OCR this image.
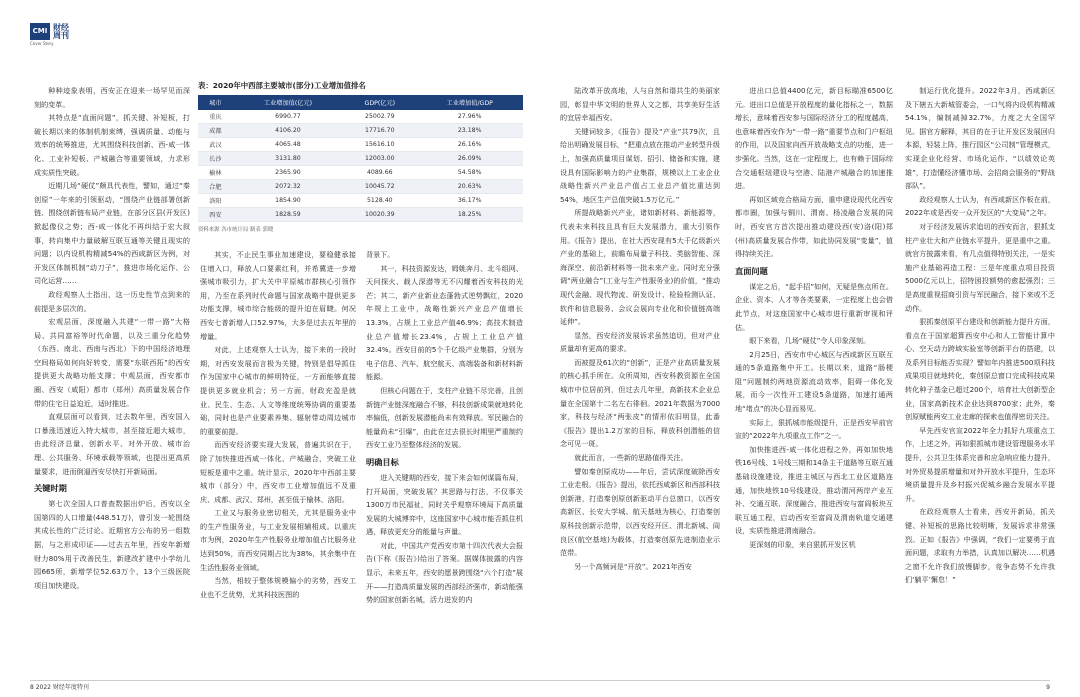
CMI 财经周刊
Cover Story

种种迹象表明，西安正在迎来一场罕见而深刻的变革。

其特点是“直面问题”，抓关键、补短板，打破长期以来的体制机制束缚，强调质量、动能与效率的统筹推进，尤其围绕科技创新、西-咸一体化、工业补短板、产城融合等重要领域，力求形成实质性突破。

近期几场“硬仗”颇具代表性，譬如，通过“秦创原”一年来的引领驱动，“围绕产业链部署创新链、围绕创新链布局产业链，在部分区县(开发区)掀起像仪之势；西-咸一体化不再纠结于宏大叙事，转向集中力量破解互联互通等关键且现实的问题；以内设机构精减54%的西咸新区为例，对开发区体制机制“动刀子”，推进市场化运作、公司化运营……

政经观察人士指出，这一历史性节点到来的前提是多层次的。

宏观层面，深度融入共建“一带一路”大格局、共同富裕等时代命题，以及三重分化趋势（东西、南北、西南与西北）下的中国经济地理空间格局如何向好转变，需要“东联西拓”的西安提供更大战略功能支撑；中观层面，西安都市圈、西安（咸阳）都市（郑州）高质量发展合作带的住宅日益迫近，适时推进。

直观层面可以看到，过去数年里，西安国入口暴涨迅速近入特大城市，甚至接近超大城市，由此经济总量、创新水平、对外开放、城市治理、公共服务、环境承载等领域，也提出更高质量要求，进而倒逼西安尽快打开新局面。

关键时期

第七次全国人口普查数据出炉后，西安以全国第四的人口增量(448.51万)，曾引发一轮围绕其成长性的广泛讨论。近期官方公布的另一组数据，与之形成印证——过去五年里，西安年新增财力80%用于改善民生，新建改扩建中小学幼儿园665所，新增学位52.63万个，13个三级医院项目加快建设。

表：2020年中西部主要城市(部分)工业增加值排名
城市	工业增加值(亿元)	GDP(亿元)	工业增加值/GDP
重庆	6990.77	25002.79	27.96%
成都	4106.20	17716.70	23.18%
武汉	4065.48	15616.10	26.16%
长沙	3131.80	12003.00	26.09%
榆林	2365.90	4089.66	54.58%
合肥	2072.32	10045.72	20.63%
洛阳	1854.90	5128.40	36.17%
西安	1828.59	10020.39	18.25%
资料来源 各市统计局 制表 郭晓

其实，不止民生事业加速建设，要稳健承接住增入口，释放人口要素红利，并希冀进一步增强城市吸引力，扩大关中平原城市群核心引领作用，乃至在系列时代命题与国家战略中提供更多功能支撑，城市综合能级的提升迫在眉睫。何况西安七普新增人口52.97%，大多是过去五年里的增量。

对此，上述观察人士认为，接下来的一段时期，对西安发展而言极为关键，特别是倡导抓住作为国家中心城市的鲜明特征，一方面能够直接提供更多就业机会；另一方面，财政充盈是就业、民生、生态、人文等维度统筹协调的重要基础，同时也是产业要素养集、辐射带动周边城市的重要前提。

而西安经济要实现大发展，普遍共识在于，除了加快推进西咸一体化、产城融合，突破工业短板是重中之重。统计显示，2020年中西部主要城市（部分）中，西安市工业增加值远不及重庆、成都、武汉、郑州，甚至低于榆林、洛阳。

工业又与服务业密切相关，尤其是服务业中的生产性服务业，与工业发展相辅相成。以重庆市为例，2020年生产性服务业增加值占比服务业达到50%，而西安同期占比为38%，其余集中在生活性服务业领域。

当然，相较于整体规模偏小的劣势，西安工业也不乏优势，尤其科技医图的

背景下。

其一，科技资源发达，姆姚奔月、北斗组网、天问探火、载人深潜等无不闪耀着西安科技的光芒；其二，新产业新业态蓬勃式逆势飘红，2020年规上工业中，战略性新兴产业总产值增长13.3%，占规上工业总产值46.9%；高技术制造业总产值增长23.4%，占规上工业总产值32.4%。西安目前的5个千亿级产业集群，分别为电子信息、汽车、航空航天、高端装备和新材料新能源。

但核心问题在于，支柱产业链不尽完善，且创新链产业链深度融合不够，科技创新成果就地转化率偏低，创新发展潜能尚未有效释放。军民融合的能量尚未“引爆”，由此在过去很长时期里严重制约西安工业乃至整体经济的发展。

明确目标

进入关键期的西安，接下来会如何谋篇布局，打开局面，突破发展？其思路与打法，不仅事关1300万市民福祉，同时关乎观察环境局下高质量发展的大城博弈中，这座国家中心城市能否抓住机遇，释放更充分的能量与声量。

对此，中国共产党西安市第十四次代表大会报告(下称《报告》)给出了答案。据媒体披露的内容显示，未来五年，西安的愿景跨围绕“六个打造”展开——打造高质量发展的西部经济强市，新动能强势的国家创新名城，活力迸发的内

陆改革开放高地，人与自然和谐共生的美丽家园，彰显中华文明的世界人文之都，共享美好生活的宜居幸福西安。

关键词较多，《报告》提及“产业”共79次，且给出明确发展目标，“把重点放在推动产业转型升级上，加强高质量项目谋划、招引、储备和实施，建设具有国际影响力的产业集群，规模以上工业企业战略性新兴产业总产值占工业总产值比重达到54%，地区生产总值突破1.5万亿元。”

所提战略新兴产业，诸如新材料、新能源等，代表未来科技且具有巨大发展潜力，重大引领作用。《报告》提出，在社大西安现有5大千亿级新兴产业的基础上，前瞻布局量子科技、类脑智能、深海深空、前沿新材料等一批未来产业。同时充分强调“两业融合”(工业与生产性服务业)的价值，“推动现代金融、现代物流、研发设计、检验检测认证、软件和信息服务、会议会展向专业化和价值链高端延伸”。

显然，西安经济发展诉求虽然追切，但对产业质量却有更高的要求。

而被提及61次的“创新”，正是产业高质量发展的核心抓手所在。众所周知，西安科教资源在全国城市中位居前列，但过去几年里，高新技术企业总量在全国第十二名左右徘徊。2021年数据为7000家，科技与经济“两张皮”的情形依旧明显，此番《报告》提出1.2万家的目标，释放科创潜能的信念可见一斑。

就此而言，一些新的思路值得关注。

譬如秦创原成功——年后，尝试深度破除西安工业走根。《报告》提出，依托西咸新区和西部科技创新港，打造秦创原创新驱动平台总窗口，以西安高新区、长安大学城、航天基地为核心，打造秦创原科技创新示范带，以西安经开区、渭北新城、阎良区(航空基地)为载体，打造秦创原先进制造业示范带。

另一个高频词是“开放”。2021年西安

进出口总值4400亿元，新目标瞄准6500亿元。进出口总值是开放程度的量化指标之一，数据增长，意味着西安参与国际经济分工的程度越高，也意味着西安作为“一带一路”重要节点和门户枢纽的作用，以及国家向西开放战略支点的功能，进一步强化。当然，这在一定程度上，也有赖于国际综合交通枢纽建设与空港、陆港产城融合的加速推进。

再如区域竞合格局方面，重申建设现代化西安都市圈，加强与铜川、渭南、杨凌融合发展的同时，西安官方首次提出推动建设西(安)洛(阳)郑(州)高质量发展合作带，如此协同发展“变量”，值得持续关注。

直面问题

谋定之后，“起手招”如何，无疑是焦点所在。企业、资本、人才等各类要素，一定程度上也会借此节点，对这座国家中心城市进行重新审视和评估。

眼下来看，几场“硬仗”令人印象深刻。

2月25日，西安市中心城区与西咸新区互联互通的5条道路集中开工。长期以来，道路“肠梗阻”问题制约两地资源流动效率，阻碍一体化发展，而今一次性开工建设5条道路，加速打通两地“堵点”的决心显而易见。

实际上，狠抓城市能级提升，正是西安早前官宣的“2022年九项重点工作”之一。

加快推进西-咸一体化进程之外，再如加快地铁16号线、1号线三期和14条主干道路等互联互通基础设施建设，推进主城区与西北工业区道路连通，加快地铁10号线建设，推动渭河两岸产业互补、交通互联、深度融合，推进西安与富阎板块互联互通工程，启动西安至富阎及渭南轨道交通建设，实质性推进渭南融合。

更深刻的印象，来自狠抓开发区机

制运行优化提升。2022年3月，西咸新区及下辖五大新城管委会，一口气将内设机构精减54.1%，编制减掉32.7%，力度之大全国罕见。据官方解释，其目的在于让开发区发展回归本源，轻装上阵，推行园区“公司制”管理模式，实现企业化经营、市场化运作、“以绩效论英雄”，打造懂经济懂市场、会招商会服务的“野战部队”。

政经观察人士认为，有西咸新区作板在前，2022年或是西安一众开发区的“大变局”之年。

对于经济发展诉求追切的西安而言，狠抓支柱产业壮大和产业链水平提升，更是重中之重。就官方披露来看，有几点值得特别关注，一是实施产业基础再造工程：三是年度重点项目投资5000亿元以上，招特困投额势的愈起强烈；三是高度重视招商引资与军民融合，接下来或不乏动作。

狠抓秦创原平台建设和创新能力提升方面，看点在于国家超算西安中心和人工智能计算中心、空天动力跨域实验室等创新平台的搭建，以及系列目标能否实现？譬如年内推进500项科技成果项目就地转化，秦创原总窗口完成科技成果转化种子基金已超过200个，培育壮大创新型企业，国家高新技术企业达到8700家；此外，秦创原赋能两安工业走廊的探索也值得密切关注。

早先西安官宣2022年全力抓好九项重点工作，上述之外，再如狠抓城市建设管理服务水平提升，公共卫生体系完善和应急响应能力提升，对外贸易提质增量和对外开放水平提升，生态环境质量提升及乡村振兴促城乡融合发展水平提升。

在政经观察人士看来，西安开新局，抓关键、补短板的思路比较明晰，发展诉求非常强烈。正如《报告》中强调，“我们一定要勇于直面问题，求取有力举措，认真加以解决……机遇之窗不允许我们放慢脚步，竞争态势不允许我们‘躺平’懈怠！”

8 2022 财经年度特刊	9
